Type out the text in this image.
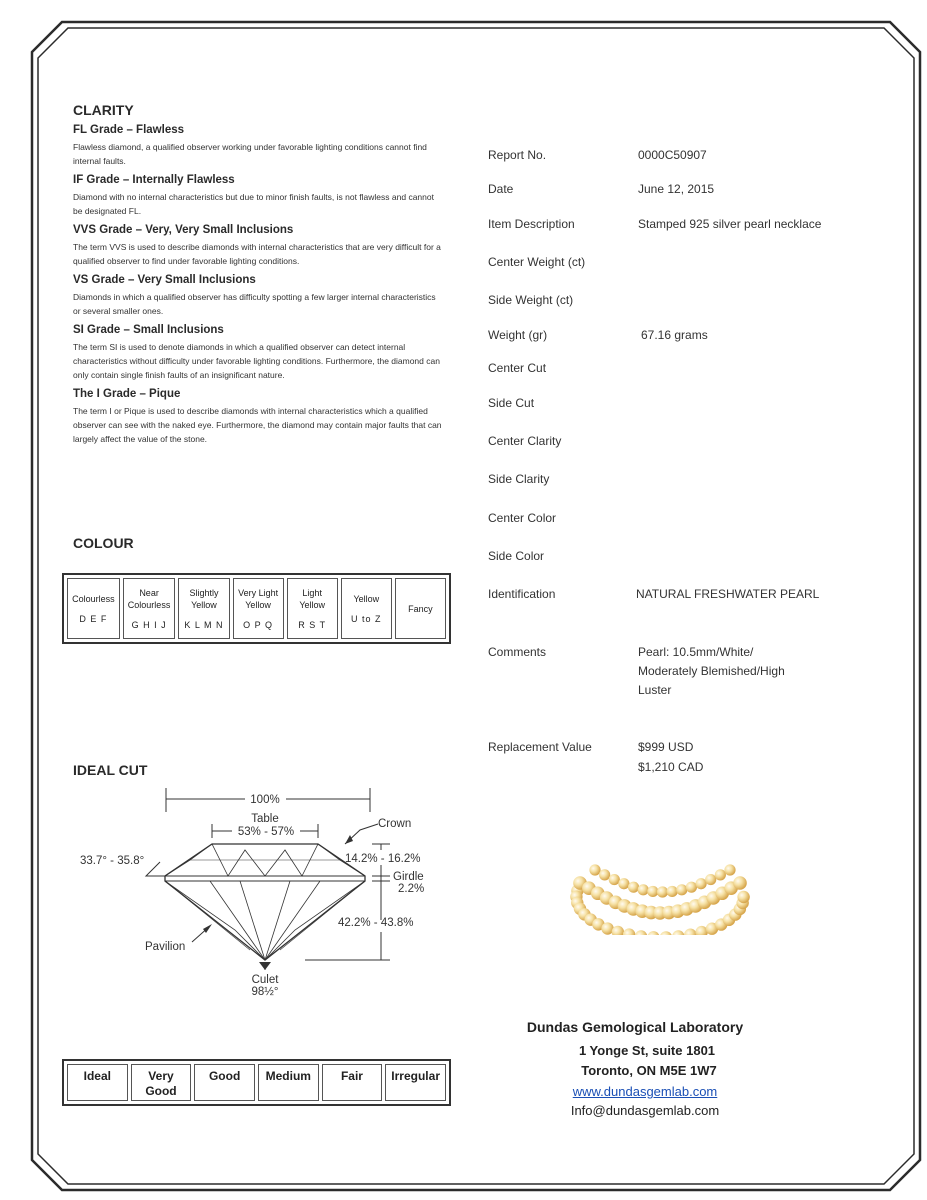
CLARITY
FL Grade – Flawless
Flawless diamond, a qualified observer working under favorable lighting conditions cannot find internal faults.
IF Grade – Internally Flawless
Diamond with no internal characteristics but due to minor finish faults, is not flawless and cannot be designated FL.
VVS Grade – Very, Very Small Inclusions
The term VVS is used to describe diamonds with internal characteristics that are very difficult for a qualified observer to find under favorable lighting conditions.
VS Grade – Very Small Inclusions
Diamonds in which a qualified observer has difficulty spotting a few larger internal characteristics or several smaller ones.
SI Grade – Small Inclusions
The term SI is used to denote diamonds in which a qualified observer can detect internal characteristics without difficulty under favorable lighting conditions. Furthermore, the diamond can only contain single finish faults of an insignificant nature.
The I Grade – Pique
The term I or Pique is used to describe diamonds with internal characteristics which a qualified observer can see with the naked eye. Furthermore, the diamond may contain major faults that can largely affect the value of the stone.
COLOUR
Colourless
D E F

Near Colourless
G H I J

Slightly Yellow
K L M N

Very Light Yellow
O P Q

Light Yellow
R S T

Yellow
U to Z

Fancy
IDEAL CUT
100%
Table
53% - 57%
Crown
33.7° - 35.8°	14.2% - 16.2%
Girdle
2.2%
42.2% - 43.8%
Pavilion
Culet
98½°
Ideal	Very Good	Good	Medium	Fair	Irregular
Report No.	0000C50907
Date	June 12, 2015
Item Description	Stamped 925 silver pearl necklace
Center Weight (ct)
Side Weight (ct)
Weight (gr)	67.16 grams
Center Cut
Side Cut
Center Clarity
Side Clarity
Center Color
Side Color
Identification	NATURAL FRESHWATER PEARL
Comments	Pearl: 10.5mm/White/
Moderately Blemished/High
Luster
Replacement Value	$999 USD
$1,210 CAD
Dundas Gemological Laboratory
1 Yonge St, suite 1801
Toronto, ON M5E 1W7
www.dundasgemlab.com
Info@dundasgemlab.com
